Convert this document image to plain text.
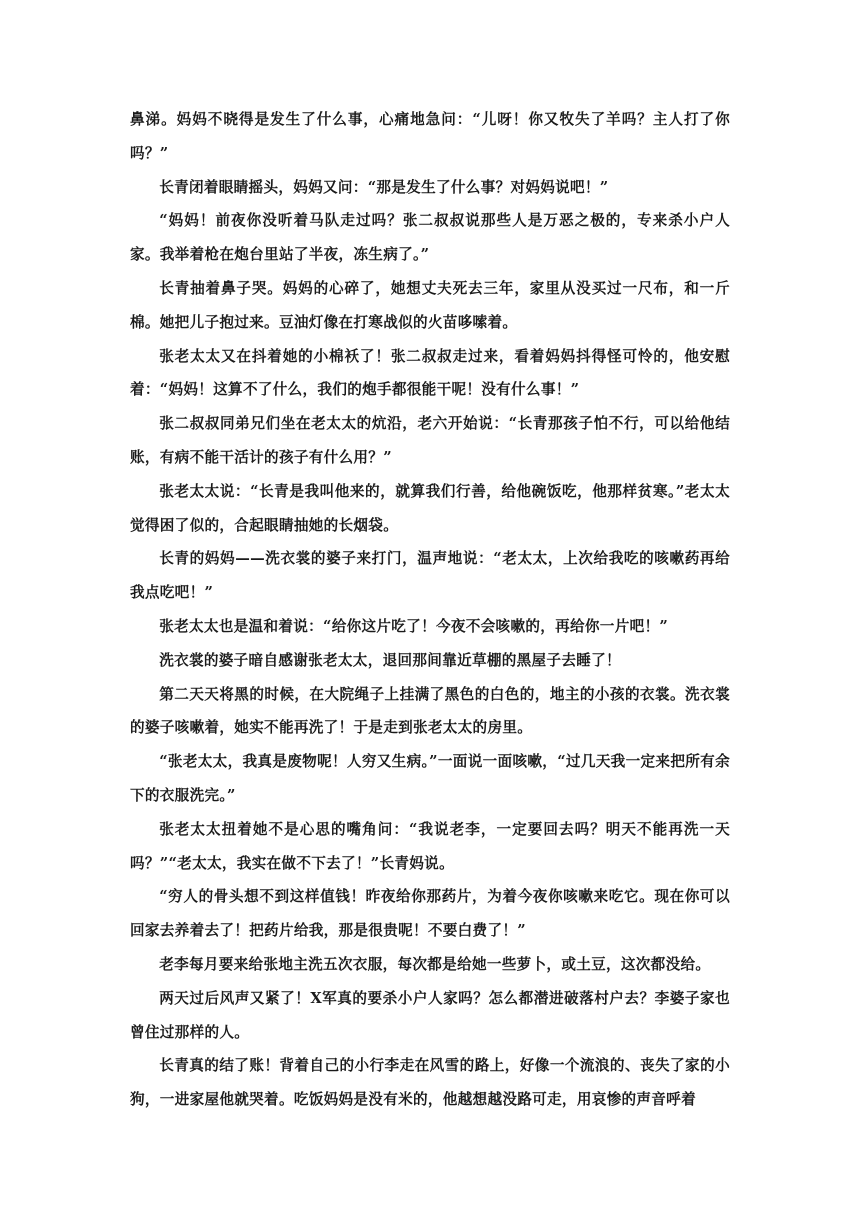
鼻涕。妈妈不晓得是发生了什么事，心痛地急问：“儿呀！你又牧失了羊吗？主人打了你吗？”

长青闭着眼睛摇头，妈妈又问：“那是发生了什么事？对妈妈说吧！”

“妈妈！前夜你没听着马队走过吗？张二叔叔说那些人是万恶之极的，专来杀小户人家。我举着枪在炮台里站了半夜，冻生病了。”

长青抽着鼻子哭。妈妈的心碎了，她想丈夫死去三年，家里从没买过一尺布，和一斤棉。她把儿子抱过来。豆油灯像在打寒战似的火苗哆嗦着。

张老太太又在抖着她的小棉袄了！张二叔叔走过来，看着妈妈抖得怪可怜的，他安慰着：“妈妈！这算不了什么，我们的炮手都很能干呢！没有什么事！”

张二叔叔同弟兄们坐在老太太的炕沿，老六开始说：“长青那孩子怕不行，可以给他结账，有病不能干活计的孩子有什么用？”

张老太太说：“长青是我叫他来的，就算我们行善，给他碗饭吃，他那样贫寒。”老太太觉得困了似的，合起眼睛抽她的长烟袋。

长青的妈妈——洗衣裳的婆子来打门，温声地说：“老太太，上次给我吃的咳嗽药再给我点吃吧！”

张老太太也是温和着说：“给你这片吃了！今夜不会咳嗽的，再给你一片吧！”

洗衣裳的婆子暗自感谢张老太太，退回那间靠近草棚的黑屋子去睡了！

第二天天将黑的时候，在大院绳子上挂满了黑色的白色的，地主的小孩的衣裳。洗衣裳的婆子咳嗽着，她实不能再洗了！于是走到张老太太的房里。

“张老太太，我真是废物呢！人穷又生病。”一面说一面咳嗽，“过几天我一定来把所有余下的衣服洗完。”

张老太太扭着她不是心思的嘴角问：“我说老李，一定要回去吗？明天不能再洗一天吗？”“老太太，我实在做不下去了！”长青妈说。

“穷人的骨头想不到这样值钱！昨夜给你那药片，为着今夜你咳嗽来吃它。现在你可以回家去养着去了！把药片给我，那是很贵呢！不要白费了！”

老李每月要来给张地主洗五次衣服，每次都是给她一些萝卜，或土豆，这次都没给。

两天过后风声又紧了！X军真的要杀小户人家吗？怎么都潜进破落村户去？李婆子家也曾住过那样的人。

长青真的结了账！背着自己的小行李走在风雪的路上，好像一个流浪的、丧失了家的小狗，一进家屋他就哭着。吃饭妈妈是没有米的，他越想越没路可走，用哀惨的声音呼着
